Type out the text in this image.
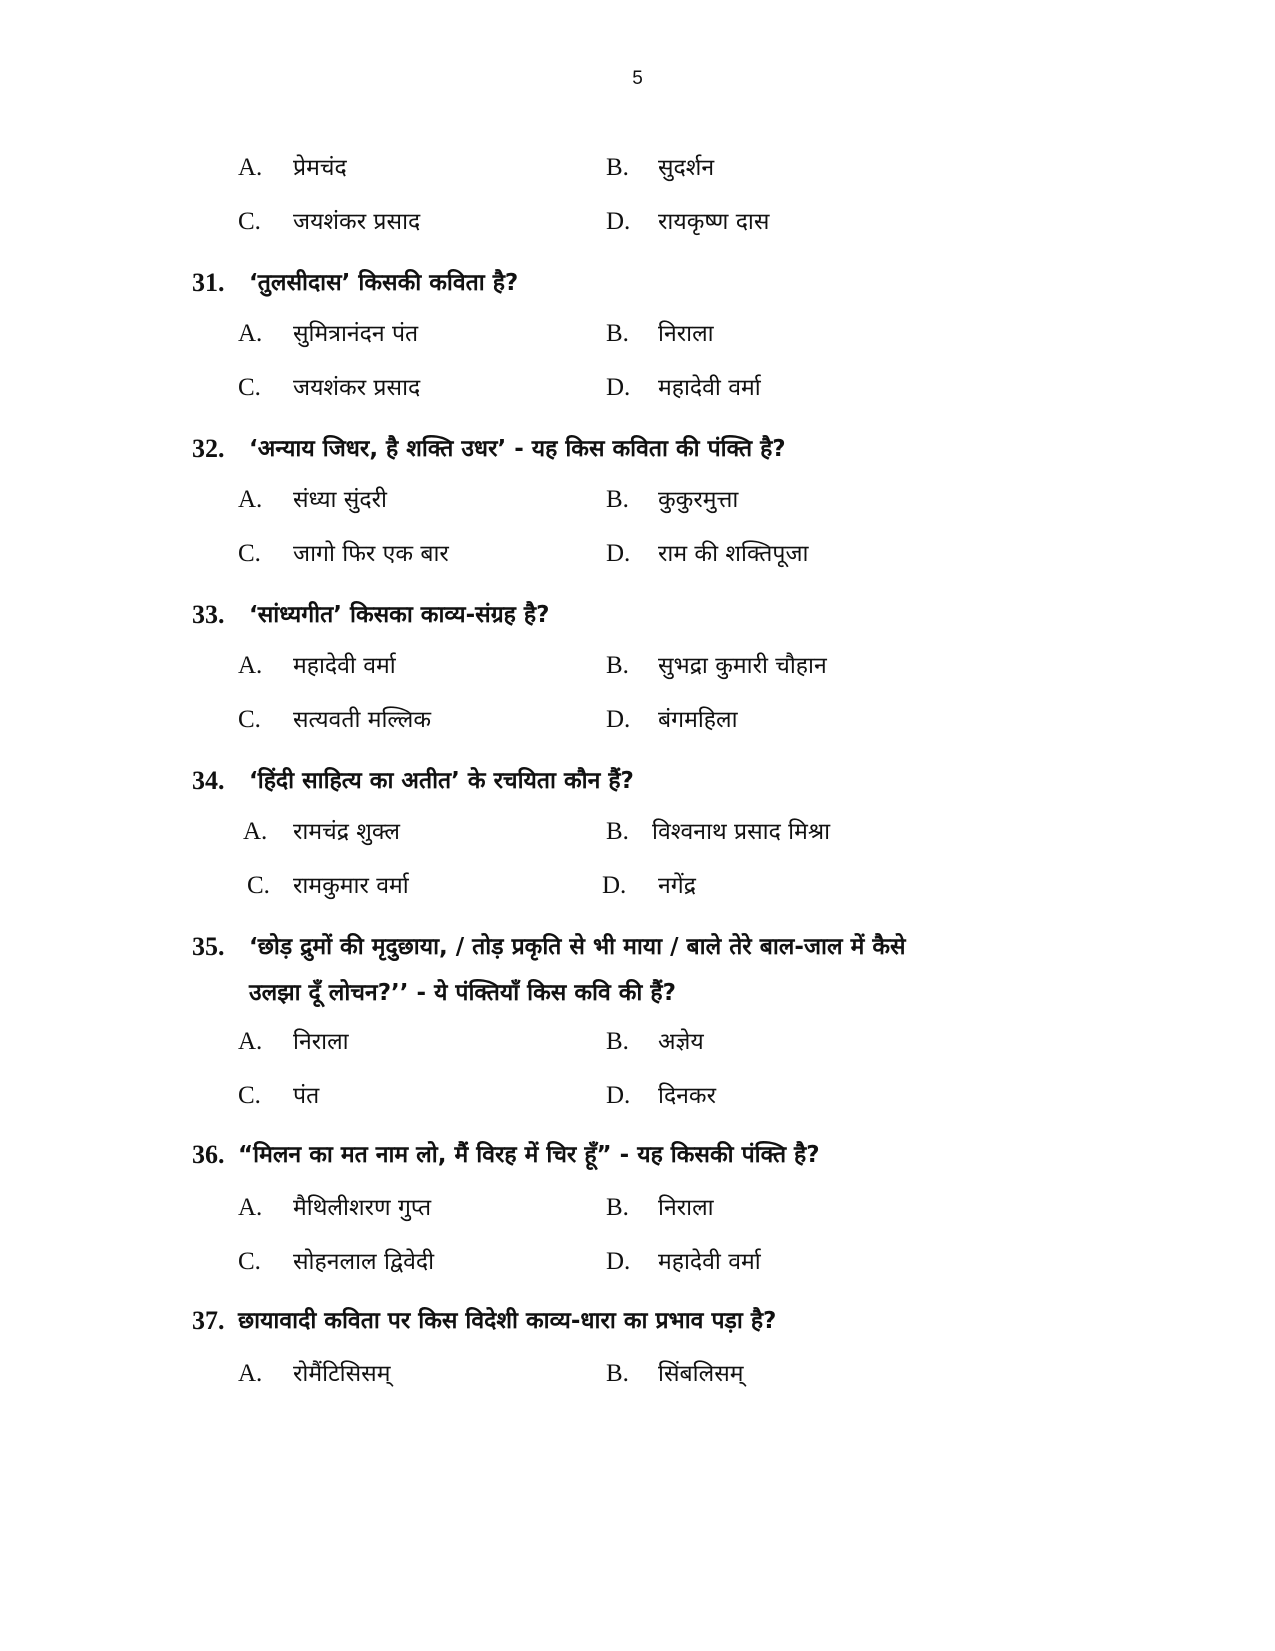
5
A. प्रेमचंद	B. सुदर्शन
C. जयशंकर प्रसाद	D. रायकृष्ण दास
31. ‘तुलसीदास’ किसकी कविता है?
A. सुमित्रानंदन पंत	B. निराला
C. जयशंकर प्रसाद	D. महादेवी वर्मा
32. ‘अन्याय जिधर, है शक्ति उधर’ - यह किस कविता की पंक्ति है?
A. संध्या सुंदरी	B. कुकुरमुत्ता
C. जागो फिर एक बार	D. राम की शक्तिपूजा
33. ‘सांध्यगीत’ किसका काव्य-संग्रह है?
A. महादेवी वर्मा	B. सुभद्रा कुमारी चौहान
C. सत्यवती मल्लिक	D. बंगमहिला
34. ‘हिंदी साहित्य का अतीत’ के रचयिता कौन हैं?
A. रामचंद्र शुक्ल	B. विश्वनाथ प्रसाद मिश्रा
C. रामकुमार वर्मा	D. नगेंद्र
35. ‘छोड़ द्रुमों की मृदुछाया, / तोड़ प्रकृति से भी माया / बाले तेरे बाल-जाल में कैसे उलझा दूँ लोचन?’’ - ये पंक्तियाँ किस कवि की हैं?
A. निराला	B. अज्ञेय
C. पंत	D. दिनकर
36. “मिलन का मत नाम लो, मैं विरह में चिर हूँ” - यह किसकी पंक्ति है?
A. मैथिलीशरण गुप्त	B. निराला
C. सोहनलाल द्विवेदी	D. महादेवी वर्मा
37. छायावादी कविता पर किस विदेशी काव्य-धारा का प्रभाव पड़ा है?
A. रोमैंटिसिसम्	B. सिंबलिसम्
